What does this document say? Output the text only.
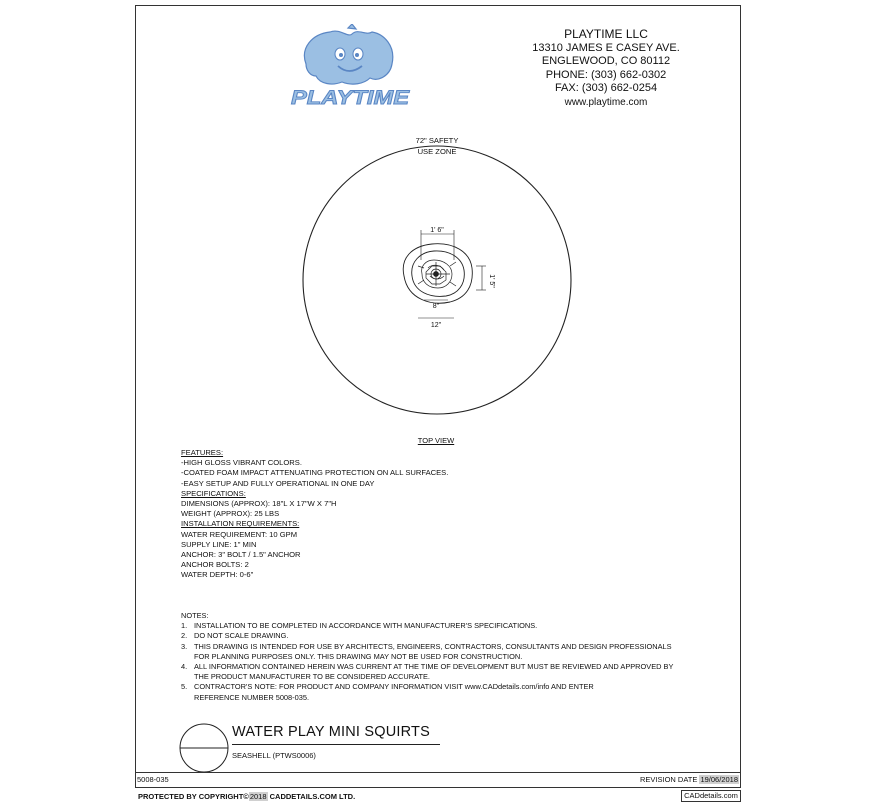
PLAYTIME
PLAYTIME LLC
13310 JAMES E CASEY AVE.
ENGLEWOOD, CO 80112
PHONE: (303) 662-0302
FAX: (303) 662-0254
www.playtime.com
72" SAFETY
USE ZONE
1' 6"
1' 5"
8"
12"
TOP VIEW
FEATURES:
-HIGH GLOSS VIBRANT COLORS.
-COATED FOAM IMPACT ATTENUATING PROTECTION ON ALL SURFACES.
-EASY SETUP AND FULLY OPERATIONAL IN ONE DAY
SPECIFICATIONS:
DIMENSIONS (APPROX): 18"L X 17"W X 7"H
WEIGHT (APPROX): 25 LBS
INSTALLATION REQUIREMENTS:
WATER REQUIREMENT: 10 GPM
SUPPLY LINE: 1" MIN
ANCHOR: 3" BOLT / 1.5" ANCHOR
ANCHOR BOLTS: 2
WATER DEPTH: 0-6"
NOTES:
1. INSTALLATION TO BE COMPLETED IN ACCORDANCE WITH MANUFACTURER'S SPECIFICATIONS.
2. DO NOT SCALE DRAWING.
3. THIS DRAWING IS INTENDED FOR USE BY ARCHITECTS, ENGINEERS, CONTRACTORS, CONSULTANTS AND DESIGN PROFESSIONALS
FOR PLANNING PURPOSES ONLY. THIS DRAWING MAY NOT BE USED FOR CONSTRUCTION.
4. ALL INFORMATION CONTAINED HEREIN WAS CURRENT AT THE TIME OF DEVELOPMENT BUT MUST BE REVIEWED AND APPROVED BY
THE PRODUCT MANUFACTURER TO BE CONSIDERED ACCURATE.
5. CONTRACTOR'S NOTE: FOR PRODUCT AND COMPANY INFORMATION VISIT www.CADdetails.com/info AND ENTER
REFERENCE NUMBER 5008-035.
WATER PLAY MINI SQUIRTS
SEASHELL (PTWS0006)
5008-035	REVISION DATE 19/06/2018
PROTECTED BY COPYRIGHT©2018 CADDETAILS.COM LTD.	CADdetails.com
